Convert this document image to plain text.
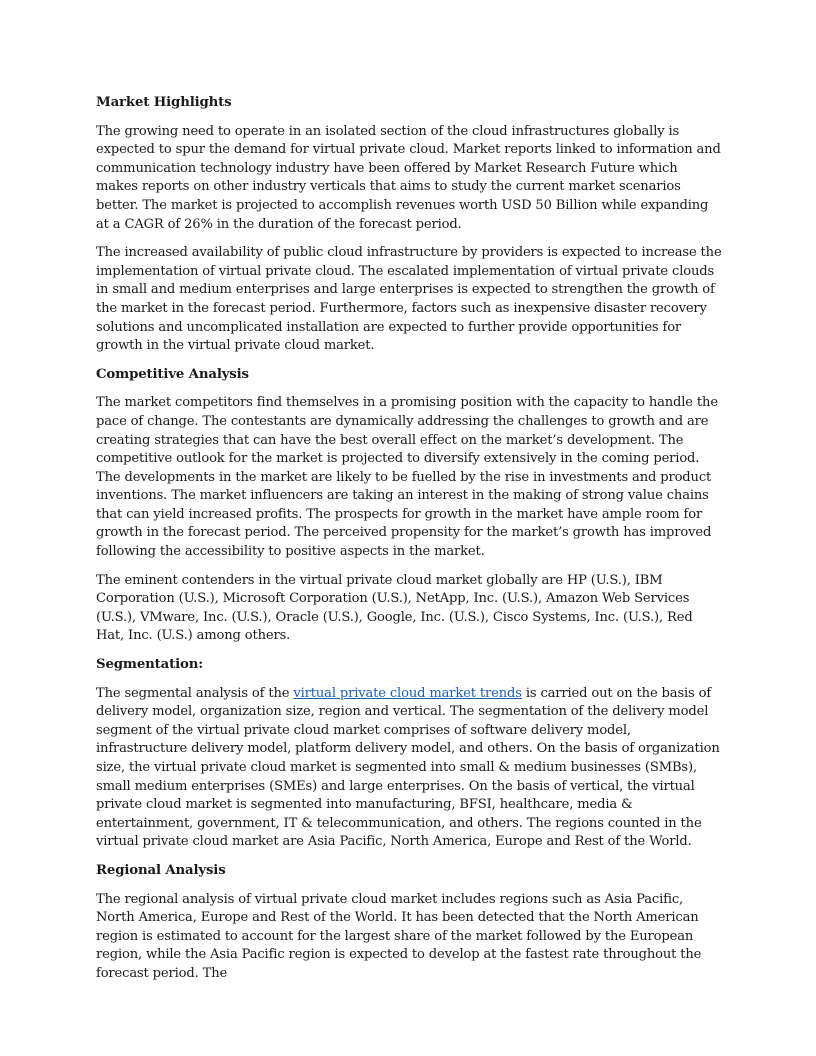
Market Highlights

The growing need to operate in an isolated section of the cloud infrastructures globally is expected to spur the demand for virtual private cloud. Market reports linked to information and communication technology industry have been offered by Market Research Future which makes reports on other industry verticals that aims to study the current market scenarios better. The market is projected to accomplish revenues worth USD 50 Billion while expanding at a CAGR of 26% in the duration of the forecast period.

The increased availability of public cloud infrastructure by providers is expected to increase the implementation of virtual private cloud. The escalated implementation of virtual private clouds in small and medium enterprises and large enterprises is expected to strengthen the growth of the market in the forecast period. Furthermore, factors such as inexpensive disaster recovery solutions and uncomplicated installation are expected to further provide opportunities for growth in the virtual private cloud market.

Competitive Analysis

The market competitors find themselves in a promising position with the capacity to handle the pace of change. The contestants are dynamically addressing the challenges to growth and are creating strategies that can have the best overall effect on the market’s development. The competitive outlook for the market is projected to diversify extensively in the coming period. The developments in the market are likely to be fuelled by the rise in investments and product inventions. The market influencers are taking an interest in the making of strong value chains that can yield increased profits. The prospects for growth in the market have ample room for growth in the forecast period. The perceived propensity for the market’s growth has improved following the accessibility to positive aspects in the market.

The eminent contenders in the virtual private cloud market globally are HP (U.S.), IBM Corporation (U.S.), Microsoft Corporation (U.S.), NetApp, Inc. (U.S.), Amazon Web Services (U.S.), VMware, Inc. (U.S.), Oracle (U.S.), Google, Inc. (U.S.), Cisco Systems, Inc. (U.S.), Red Hat, Inc. (U.S.) among others.

Segmentation:

The segmental analysis of the virtual private cloud market trends is carried out on the basis of delivery model, organization size, region and vertical. The segmentation of the delivery model segment of the virtual private cloud market comprises of software delivery model, infrastructure delivery model, platform delivery model, and others. On the basis of organization size, the virtual private cloud market is segmented into small & medium businesses (SMBs), small medium enterprises (SMEs) and large enterprises. On the basis of vertical, the virtual private cloud market is segmented into manufacturing, BFSI, healthcare, media & entertainment, government, IT & telecommunication, and others. The regions counted in the virtual private cloud market are Asia Pacific, North America, Europe and Rest of the World.

Regional Analysis

The regional analysis of virtual private cloud market includes regions such as Asia Pacific, North America, Europe and Rest of the World. It has been detected that the North American region is estimated to account for the largest share of the market followed by the European region, while the Asia Pacific region is expected to develop at the fastest rate throughout the forecast period. The
